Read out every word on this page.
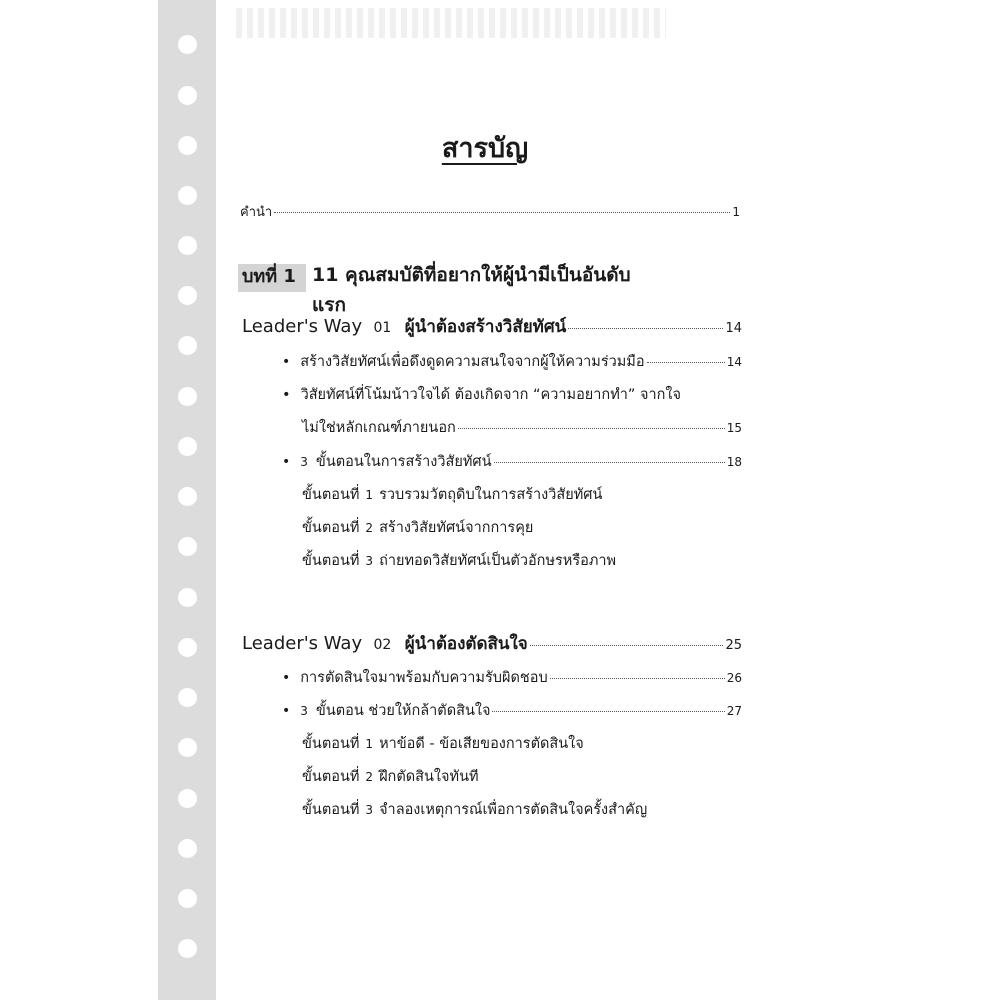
สารบัญ
คำนำ	1
บทที่ 1 11 คุณสมบัติที่อยากให้ผู้นำมีเป็นอันดับแรก
Leader's Way 01 ผู้นำต้องสร้างวิสัยทัศน์	14
• สร้างวิสัยทัศน์เพื่อดึงดูดความสนใจจากผู้ให้ความร่วมมือ	14
• วิสัยทัศน์ที่โน้มน้าวใจได้ ต้องเกิดจาก “ความอยากทำ” จากใจ
ไม่ใช่หลักเกณฑ์ภายนอก	15
• 3 ขั้นตอนในการสร้างวิสัยทัศน์	18
ขั้นตอนที่ 1 รวบรวมวัตถุดิบในการสร้างวิสัยทัศน์
ขั้นตอนที่ 2 สร้างวิสัยทัศน์จากการคุย
ขั้นตอนที่ 3 ถ่ายทอดวิสัยทัศน์เป็นตัวอักษรหรือภาพ
Leader's Way 02 ผู้นำต้องตัดสินใจ	25
• การตัดสินใจมาพร้อมกับความรับผิดชอบ	26
• 3 ขั้นตอน ช่วยให้กล้าตัดสินใจ	27
ขั้นตอนที่ 1 หาข้อดี - ข้อเสียของการตัดสินใจ
ขั้นตอนที่ 2 ฝึกตัดสินใจทันที
ขั้นตอนที่ 3 จำลองเหตุการณ์เพื่อการตัดสินใจครั้งสำคัญ
